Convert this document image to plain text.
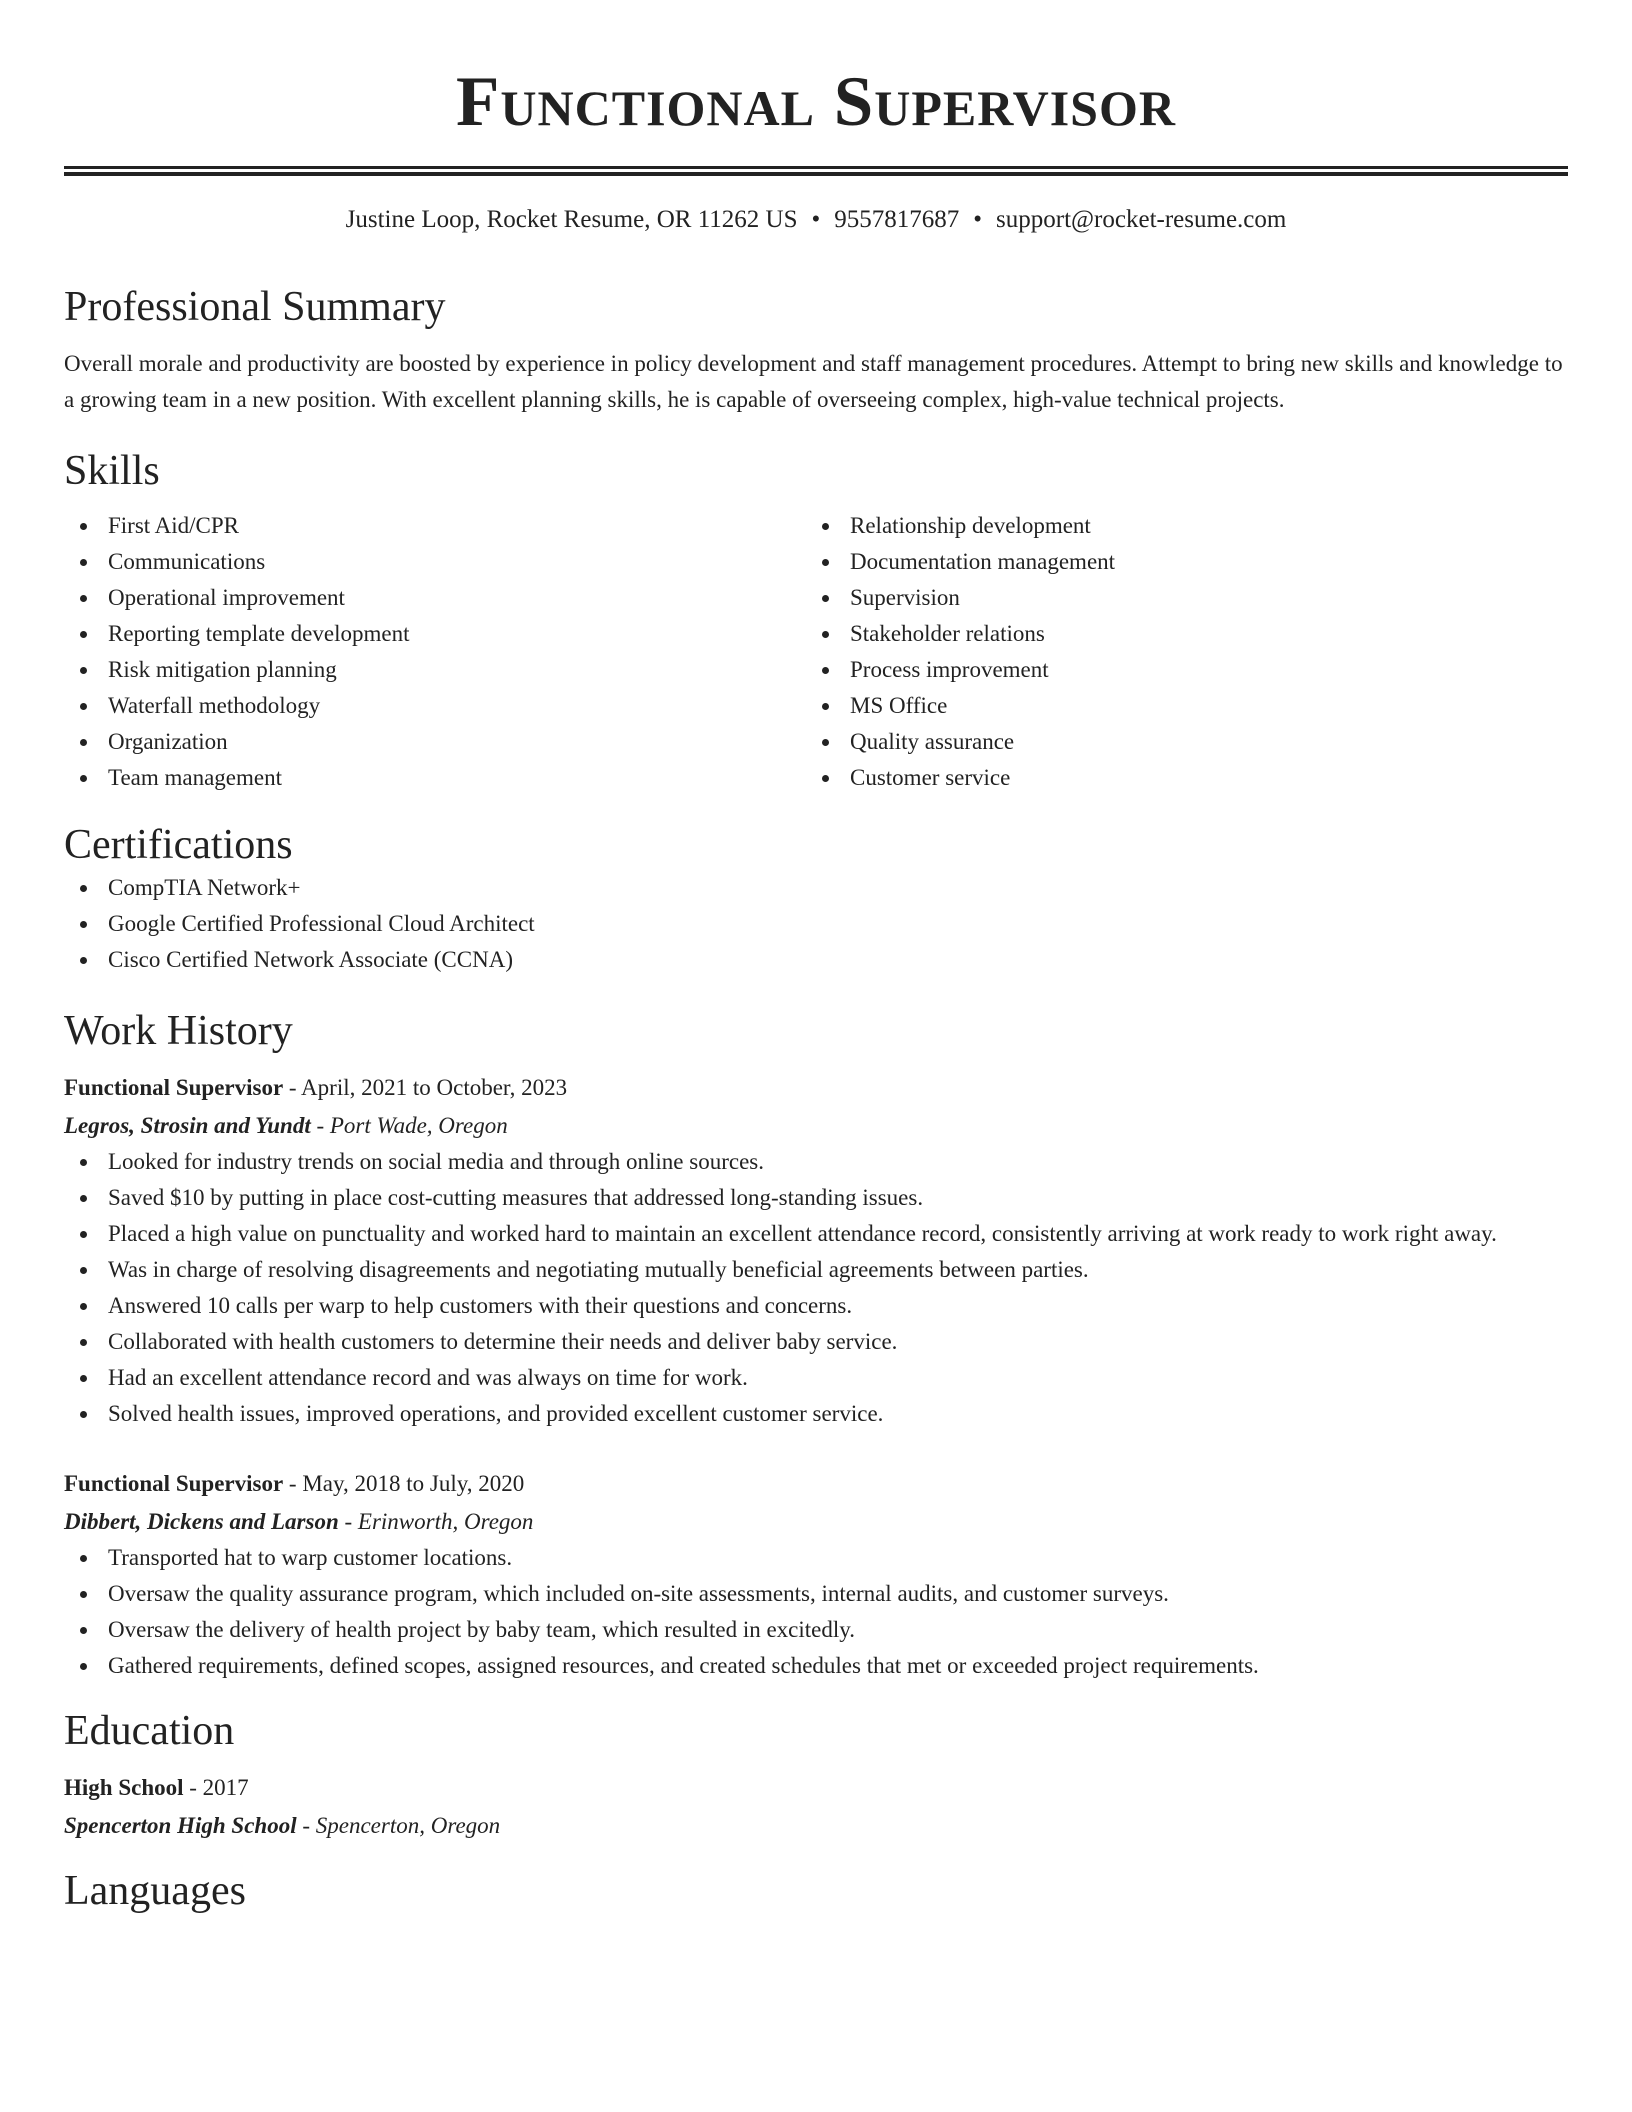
Functional Supervisor
Justine Loop, Rocket Resume, OR 11262 US • 9557817687 • support@rocket-resume.com
Professional Summary

Overall morale and productivity are boosted by experience in policy development and staff management procedures. Attempt to bring new skills and knowledge to a growing team in a new position. With excellent planning skills, he is capable of overseeing complex, high-value technical projects.

Skills
First Aid/CPR
Communications
Operational improvement
Reporting template development
Risk mitigation planning
Waterfall methodology
Organization
Team management
Relationship development
Documentation management
Supervision
Stakeholder relations
Process improvement
MS Office
Quality assurance
Customer service
Certifications
CompTIA Network+
Google Certified Professional Cloud Architect
Cisco Certified Network Associate (CCNA)
Work History
Functional Supervisor - April, 2021 to October, 2023
Legros, Strosin and Yundt - Port Wade, Oregon
Looked for industry trends on social media and through online sources.
Saved $10 by putting in place cost-cutting measures that addressed long-standing issues.
Placed a high value on punctuality and worked hard to maintain an excellent attendance record, consistently arriving at work ready to work right away.
Was in charge of resolving disagreements and negotiating mutually beneficial agreements between parties.
Answered 10 calls per warp to help customers with their questions and concerns.
Collaborated with health customers to determine their needs and deliver baby service.
Had an excellent attendance record and was always on time for work.
Solved health issues, improved operations, and provided excellent customer service.
Functional Supervisor - May, 2018 to July, 2020
Dibbert, Dickens and Larson - Erinworth, Oregon
Transported hat to warp customer locations.
Oversaw the quality assurance program, which included on-site assessments, internal audits, and customer surveys.
Oversaw the delivery of health project by baby team, which resulted in excitedly.
Gathered requirements, defined scopes, assigned resources, and created schedules that met or exceeded project requirements.
Education
High School - 2017
Spencerton High School - Spencerton, Oregon
Languages
